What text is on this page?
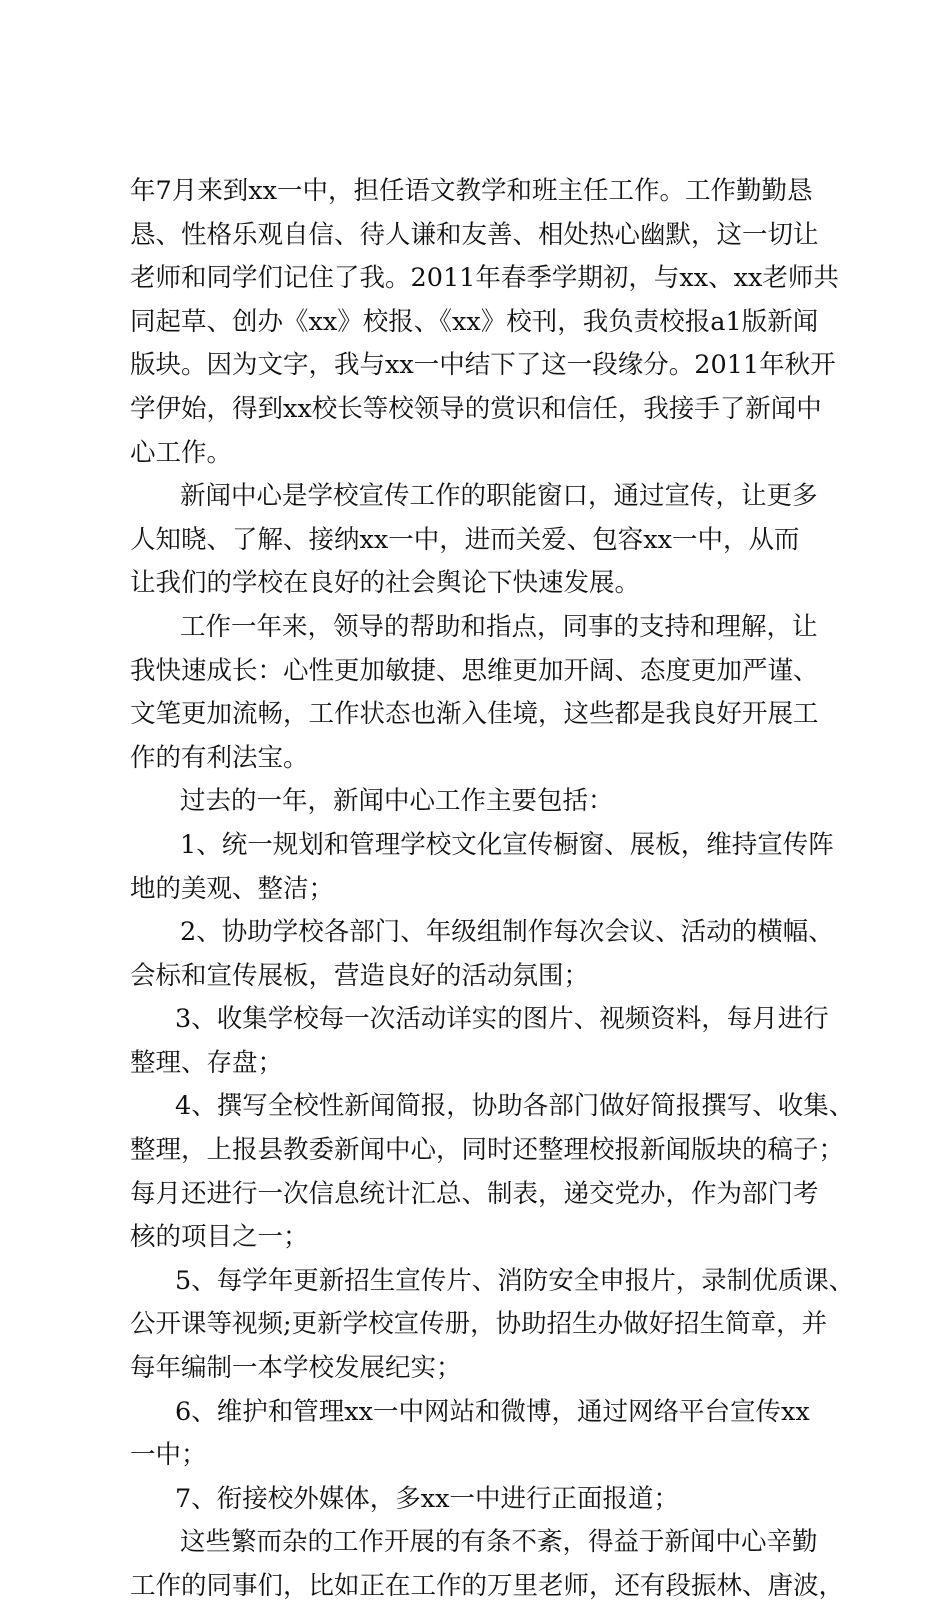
年7月来到xx一中，担任语文教学和班主任工作。工作勤勤恳
恳、性格乐观自信、待人谦和友善、相处热心幽默，这一切让
老师和同学们记住了我。2011年春季学期初，与xx、xx老师共
同起草、创办《xx》校报、《xx》校刊，我负责校报a1版新闻
版块。因为文字，我与xx一中结下了这一段缘分。2011年秋开
学伊始，得到xx校长等校领导的赏识和信任，我接手了新闻中
心工作。
新闻中心是学校宣传工作的职能窗口，通过宣传，让更多
人知晓、了解、接纳xx一中，进而关爱、包容xx一中，从而
让我们的学校在良好的社会舆论下快速发展。
工作一年来，领导的帮助和指点，同事的支持和理解，让
我快速成长：心性更加敏捷、思维更加开阔、态度更加严谨、
文笔更加流畅，工作状态也渐入佳境，这些都是我良好开展工
作的有利法宝。
过去的一年，新闻中心工作主要包括：
1、统一规划和管理学校文化宣传橱窗、展板，维持宣传阵
地的美观、整洁；
2、协助学校各部门、年级组制作每次会议、活动的横幅、
会标和宣传展板，营造良好的活动氛围；
3、收集学校每一次活动详实的图片、视频资料，每月进行
整理、存盘；
4、撰写全校性新闻简报，协助各部门做好简报撰写、收集、
整理，上报县教委新闻中心，同时还整理校报新闻版块的稿子；
每月还进行一次信息统计汇总、制表，递交党办，作为部门考
核的项目之一；
5、每学年更新招生宣传片、消防安全申报片，录制优质课、
公开课等视频;更新学校宣传册，协助招生办做好招生简章，并
每年编制一本学校发展纪实；
6、维护和管理xx一中网站和微博，通过网络平台宣传xx
一中；
7、衔接校外媒体，多xx一中进行正面报道；
这些繁而杂的工作开展的有条不紊，得益于新闻中心辛勤
工作的同事们，比如正在工作的万里老师，还有段振林、唐波，
